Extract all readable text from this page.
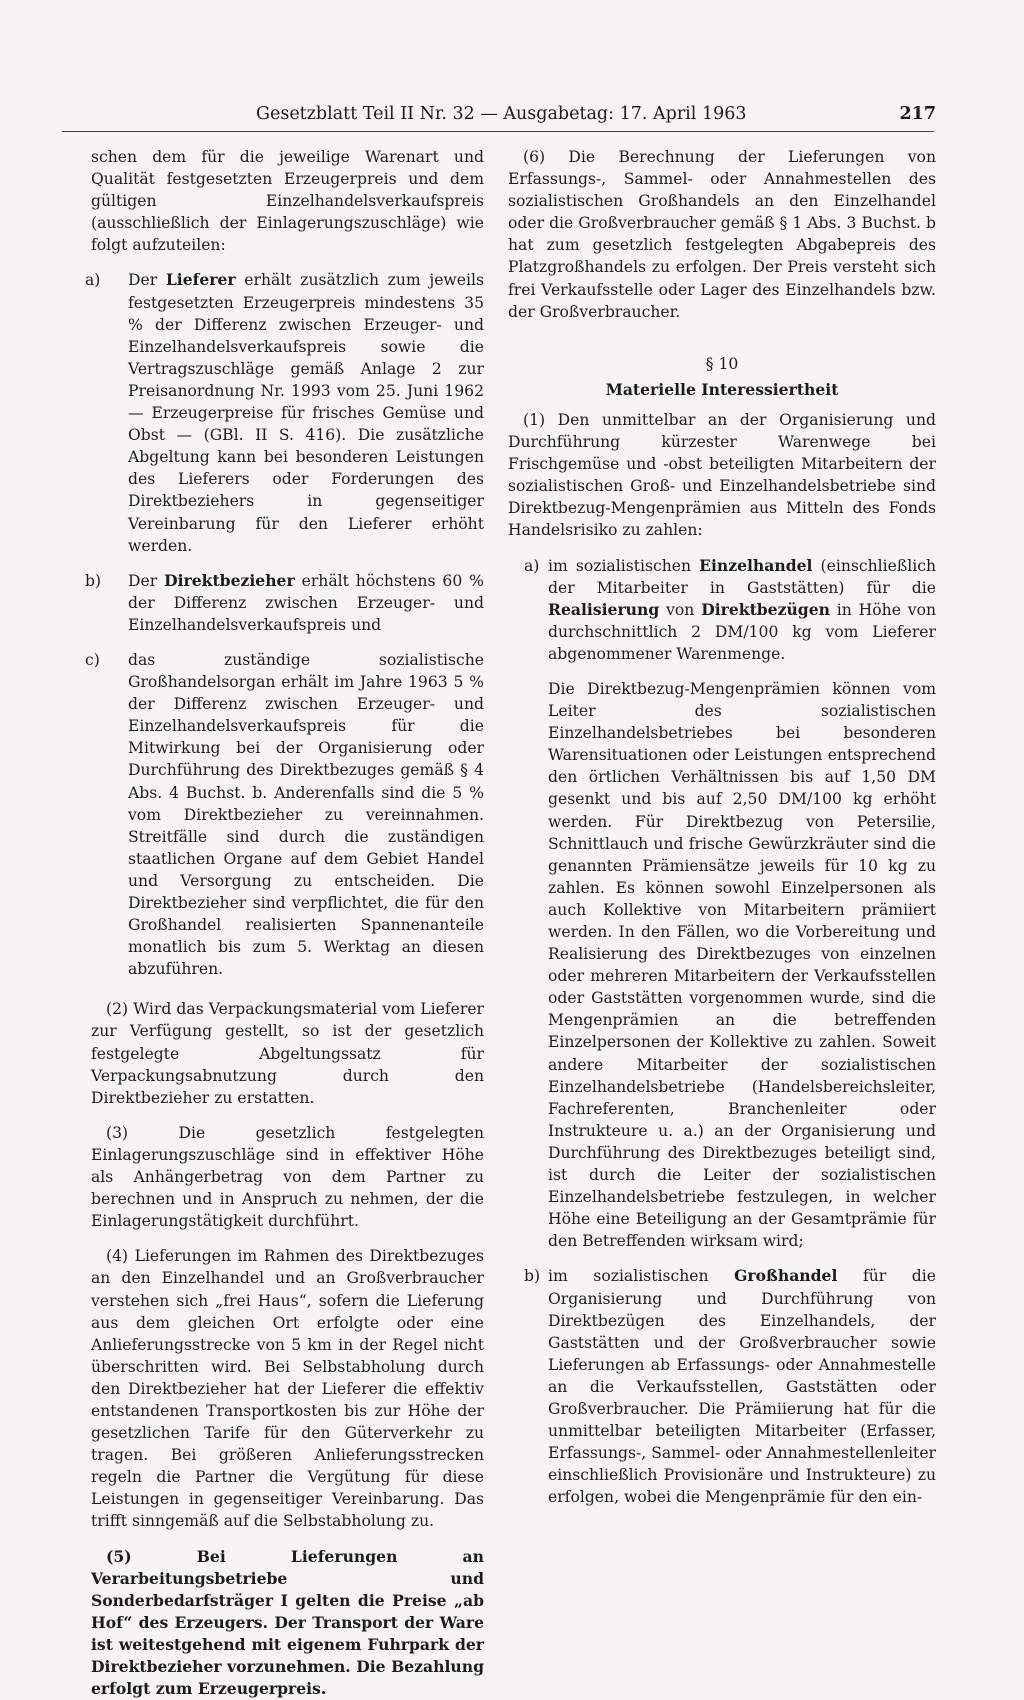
Gesetzblatt Teil II Nr. 32 — Ausgabetag: 17. April 1963	217

schen dem für die jeweilige Warenart und Qualität festgesetzten Erzeugerpreis und dem gültigen Einzelhandelsverkaufspreis (ausschließlich der Einlagerungszuschläge) wie folgt aufzuteilen:

a) Der Lieferer erhält zusätzlich zum jeweils festgesetzten Erzeugerpreis mindestens 35 % der Differenz zwischen Erzeuger- und Einzelhandelsverkaufspreis sowie die Vertragszuschläge gemäß Anlage 2 zur Preisanordnung Nr. 1993 vom 25. Juni 1962 — Erzeugerpreise für frisches Gemüse und Obst — (GBl. II S. 416). Die zusätzliche Abgeltung kann bei besonderen Leistungen des Lieferers oder Forderungen des Direktbeziehers in gegenseitiger Vereinbarung für den Lieferer erhöht werden.

b) Der Direktbezieher erhält höchstens 60 % der Differenz zwischen Erzeuger- und Einzelhandelsverkaufspreis und

c) das zuständige sozialistische Großhandelsorgan erhält im Jahre 1963 5 % der Differenz zwischen Erzeuger- und Einzelhandelsverkaufspreis für die Mitwirkung bei der Organisierung oder Durchführung des Direktbezuges gemäß § 4 Abs. 4 Buchst. b. Anderenfalls sind die 5 % vom Direktbezieher zu vereinnahmen. Streitfälle sind durch die zuständigen staatlichen Organe auf dem Gebiet Handel und Versorgung zu entscheiden. Die Direktbezieher sind verpflichtet, die für den Großhandel realisierten Spannenanteile monatlich bis zum 5. Werktag an diesen abzuführen.

(2) Wird das Verpackungsmaterial vom Lieferer zur Verfügung gestellt, so ist der gesetzlich festgelegte Abgeltungssatz für Verpackungsabnutzung durch den Direktbezieher zu erstatten.

(3) Die gesetzlich festgelegten Einlagerungszuschläge sind in effektiver Höhe als Anhängerbetrag von dem Partner zu berechnen und in Anspruch zu nehmen, der die Einlagerungstätigkeit durchführt.

(4) Lieferungen im Rahmen des Direktbezuges an den Einzelhandel und an Großverbraucher verstehen sich „frei Haus“, sofern die Lieferung aus dem gleichen Ort erfolgte oder eine Anlieferungsstrecke von 5 km in der Regel nicht überschritten wird. Bei Selbstabholung durch den Direktbezieher hat der Lieferer die effektiv entstandenen Transportkosten bis zur Höhe der gesetzlichen Tarife für den Güterverkehr zu tragen. Bei größeren Anlieferungsstrecken regeln die Partner die Vergütung für diese Leistungen in gegenseitiger Vereinbarung. Das trifft sinngemäß auf die Selbstabholung zu.

(5) Bei Lieferungen an Verarbeitungsbetriebe und Sonderbedarfsträger I gelten die Preise „ab Hof“ des Erzeugers. Der Transport der Ware ist weitestgehend mit eigenem Fuhrpark der Direktbezieher vorzunehmen. Die Bezahlung erfolgt zum Erzeugerpreis.

(6) Die Berechnung der Lieferungen von Erfassungs-, Sammel- oder Annahmestellen des sozialistischen Großhandels an den Einzelhandel oder die Großverbraucher gemäß § 1 Abs. 3 Buchst. b hat zum gesetzlich festgelegten Abgabepreis des Platzgroßhandels zu erfolgen. Der Preis versteht sich frei Verkaufsstelle oder Lager des Einzelhandels bzw. der Großverbraucher.

§ 10

Materielle Interessiertheit

(1) Den unmittelbar an der Organisierung und Durchführung kürzester Warenwege bei Frischgemüse und -obst beteiligten Mitarbeitern der sozialistischen Groß- und Einzelhandelsbetriebe sind Direktbezug-Mengenprämien aus Mitteln des Fonds Handelsrisiko zu zahlen:

a) im sozialistischen Einzelhandel (einschließlich der Mitarbeiter in Gaststätten) für die Realisierung von Direktbezügen in Höhe von durchschnittlich 2 DM/100 kg vom Lieferer abgenommener Warenmenge.

Die Direktbezug-Mengenprämien können vom Leiter des sozialistischen Einzelhandelsbetriebes bei besonderen Warensituationen oder Leistungen entsprechend den örtlichen Verhältnissen bis auf 1,50 DM gesenkt und bis auf 2,50 DM/100 kg erhöht werden. Für Direktbezug von Petersilie, Schnittlauch und frische Gewürzkräuter sind die genannten Prämiensätze jeweils für 10 kg zu zahlen. Es können sowohl Einzelpersonen als auch Kollektive von Mitarbeitern prämiiert werden. In den Fällen, wo die Vorbereitung und Realisierung des Direktbezuges von einzelnen oder mehreren Mitarbeitern der Verkaufsstellen oder Gaststätten vorgenommen wurde, sind die Mengenprämien an die betreffenden Einzelpersonen der Kollektive zu zahlen. Soweit andere Mitarbeiter der sozialistischen Einzelhandelsbetriebe (Handelsbereichsleiter, Fachreferenten, Branchenleiter oder Instrukteure u. a.) an der Organisierung und Durchführung des Direktbezuges beteiligt sind, ist durch die Leiter der sozialistischen Einzelhandelsbetriebe festzulegen, in welcher Höhe eine Beteiligung an der Gesamtprämie für den Betreffenden wirksam wird;

b) im sozialistischen Großhandel für die Organisierung und Durchführung von Direktbezügen des Einzelhandels, der Gaststätten und der Großverbraucher sowie Lieferungen ab Erfassungs- oder Annahmestelle an die Verkaufsstellen, Gaststätten oder Großverbraucher. Die Prämiierung hat für die unmittelbar beteiligten Mitarbeiter (Erfasser, Erfassungs-, Sammel- oder Annahmestellenleiter einschließlich Provisionäre und Instrukteure) zu erfolgen, wobei die Mengenprämie für den ein-
